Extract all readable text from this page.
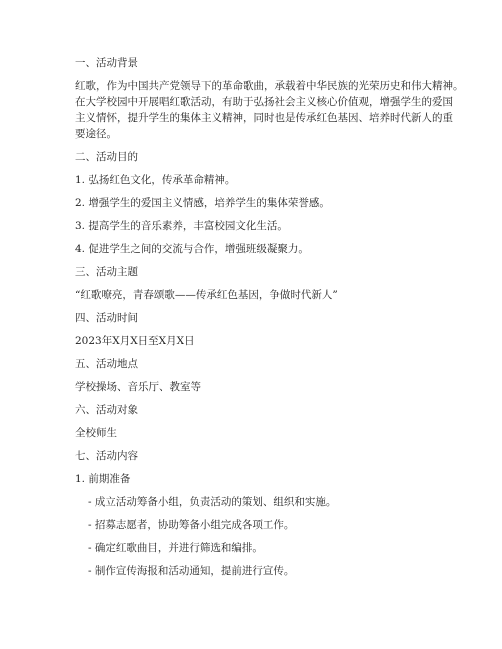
一、活动背景
红歌，作为中国共产党领导下的革命歌曲，承载着中华民族的光荣历史和伟大精神。
在大学校园中开展唱红歌活动，有助于弘扬社会主义核心价值观，增强学生的爱国
主义情怀，提升学生的集体主义精神，同时也是传承红色基因、培养时代新人的重
要途径。
二、活动目的
1. 弘扬红色文化，传承革命精神。
2. 增强学生的爱国主义情感，培养学生的集体荣誉感。
3. 提高学生的音乐素养，丰富校园文化生活。
4. 促进学生之间的交流与合作，增强班级凝聚力。
三、活动主题
“红歌嘹亮，青春颂歌——传承红色基因，争做时代新人”
四、活动时间
2023年X月X日至X月X日
五、活动地点
学校操场、音乐厅、教室等
六、活动对象
全校师生
七、活动内容
1. 前期准备
- 成立活动筹备小组，负责活动的策划、组织和实施。
- 招募志愿者，协助筹备小组完成各项工作。
- 确定红歌曲目，并进行筛选和编排。
- 制作宣传海报和活动通知，提前进行宣传。
